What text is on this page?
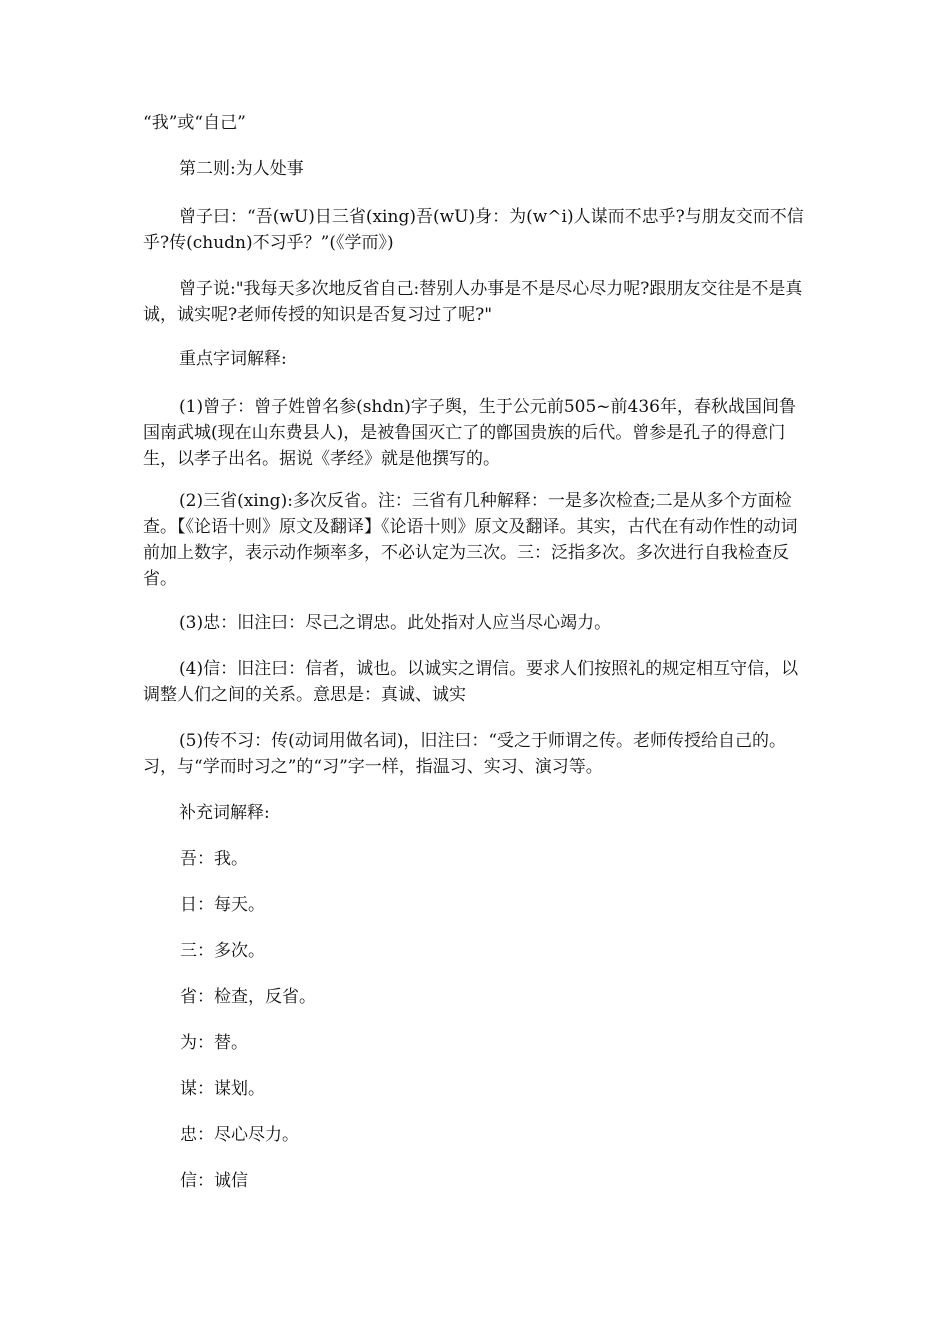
“我”或“自己”

第二则:为人处事

曾子曰：“吾(wU)日三省(xing)吾(wU)身：为(w^i)人谋而不忠乎?与朋友交而不信乎?传(chudn)不习乎？”(《学而》)

曾子说:"我每天多次地反省自己:替别人办事是不是尽心尽力呢?跟朋友交往是不是真诚，诚实呢?老师传授的知识是否复习过了呢?"

重点字词解释:

(1)曾子：曾子姓曾名参(shdn)字子舆，生于公元前505~前436年，春秋战国间鲁国南武城(现在山东费县人)，是被鲁国灭亡了的鄫国贵族的后代。曾参是孔子的得意门生，以孝子出名。据说《孝经》就是他撰写的。

(2)三省(xing):多次反省。注：三省有几种解释：一是多次检查;二是从多个方面检查。【《论语十则》原文及翻译】《论语十则》原文及翻译。其实，古代在有动作性的动词前加上数字，表示动作频率多，不必认定为三次。三：泛指多次。多次进行自我检查反省。

(3)忠：旧注曰：尽己之谓忠。此处指对人应当尽心竭力。

(4)信：旧注曰：信者，诚也。以诚实之谓信。要求人们按照礼的规定相互守信，以调整人们之间的关系。意思是：真诚、诚实

(5)传不习：传(动词用做名词)，旧注曰：“受之于师谓之传。老师传授给自己的。习，与“学而时习之”的“习”字一样，指温习、实习、演习等。

补充词解释:

吾：我。

日：每天。

三：多次。

省：检查，反省。

为：替。

谋：谋划。

忠：尽心尽力。

信：诚信
